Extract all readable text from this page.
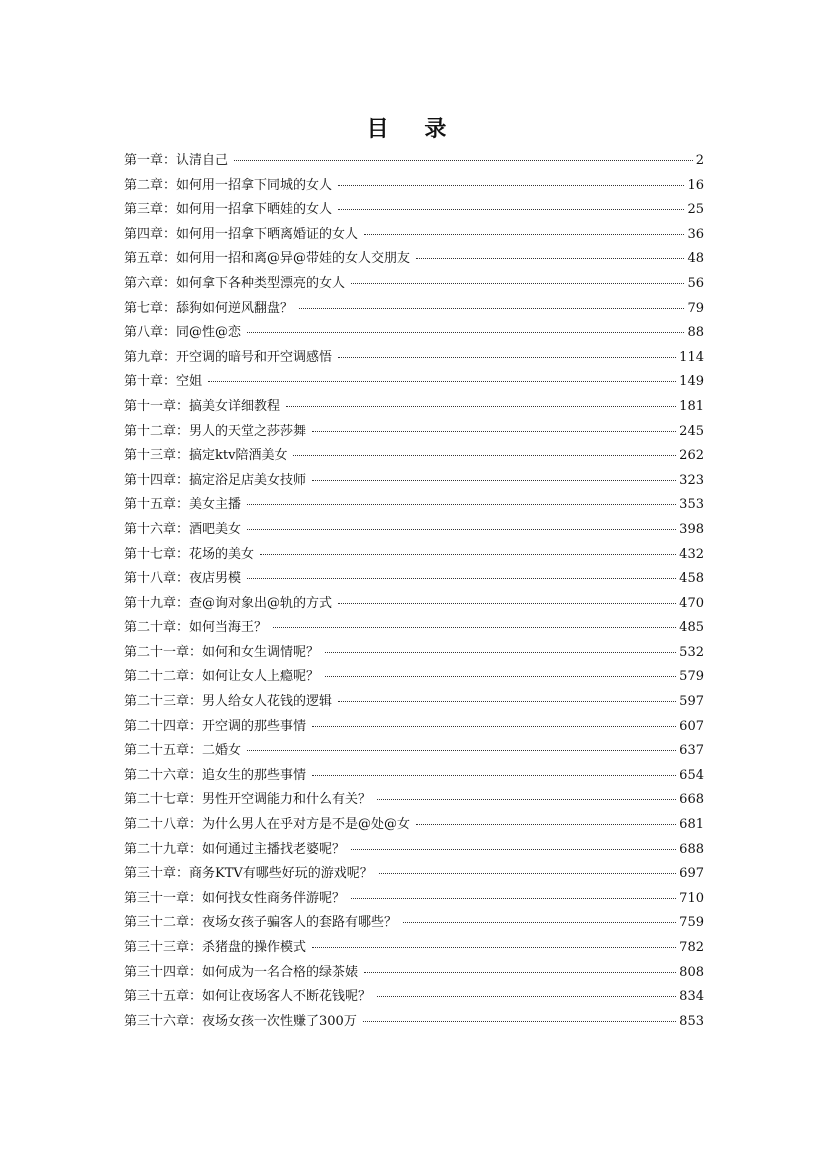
目 录
第一章：认清自己	2
第二章：如何用一招拿下同城的女人	16
第三章：如何用一招拿下晒娃的女人	25
第四章：如何用一招拿下晒离婚证的女人	36
第五章：如何用一招和离@异@带娃的女人交朋友	48
第六章：如何拿下各种类型漂亮的女人	56
第七章：舔狗如何逆风翻盘？	79
第八章：同@性@恋	88
第九章：开空调的暗号和开空调感悟	114
第十章：空姐	149
第十一章：搞美女详细教程	181
第十二章：男人的天堂之莎莎舞	245
第十三章：搞定ktv陪酒美女	262
第十四章：搞定浴足店美女技师	323
第十五章：美女主播	353
第十六章：酒吧美女	398
第十七章：花场的美女	432
第十八章：夜店男模	458
第十九章：查@询对象出@轨的方式	470
第二十章：如何当海王？	485
第二十一章：如何和女生调情呢？	532
第二十二章：如何让女人上瘾呢？	579
第二十三章：男人给女人花钱的逻辑	597
第二十四章：开空调的那些事情	607
第二十五章：二婚女	637
第二十六章：追女生的那些事情	654
第二十七章：男性开空调能力和什么有关？	668
第二十八章：为什么男人在乎对方是不是@处@女	681
第二十九章：如何通过主播找老婆呢？	688
第三十章：商务KTV有哪些好玩的游戏呢？	697
第三十一章：如何找女性商务伴游呢？	710
第三十二章：夜场女孩子骗客人的套路有哪些？	759
第三十三章：杀猪盘的操作模式	782
第三十四章：如何成为一名合格的绿茶婊	808
第三十五章：如何让夜场客人不断花钱呢？	834
第三十六章：夜场女孩一次性赚了300万	853
